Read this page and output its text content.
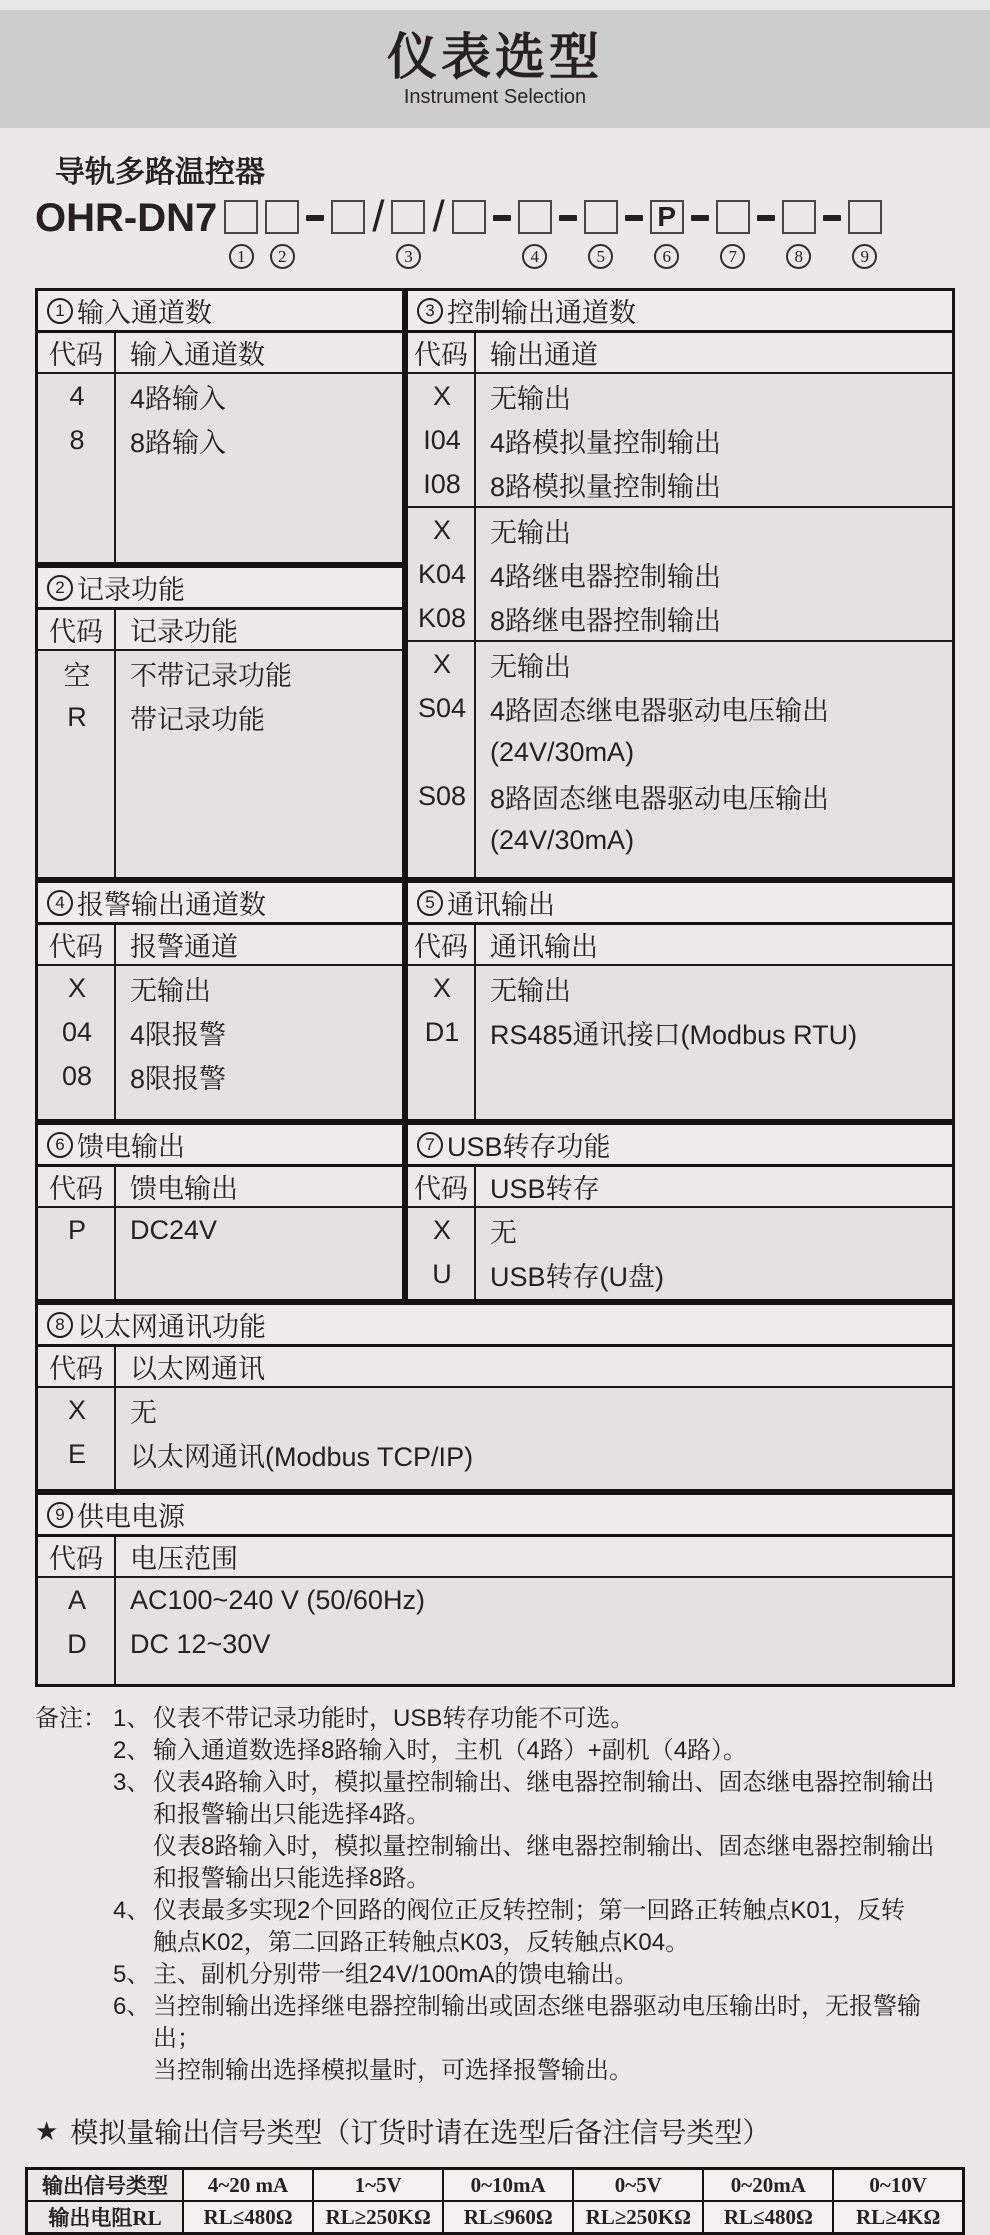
仪表选型
Instrument Selection
导轨多路温控器
OHR-DN7
1	2
/
3
/
4	5
P
6	7	8	9
1 输入通道数
代码	输入通道数
4	4路输入
8	8路输入
2 记录功能
代码	记录功能
空	不带记录功能
R	带记录功能
3 控制输出通道数
代码 输出通道
X	无输出
I04	4路模拟量控制输出
I08	8路模拟量控制输出
X	无输出
K04 4路继电器控制输出
K08 8路继电器控制输出
X	无输出
S04 4路固态继电器驱动电压输出
(24V/30mA)
S08 8路固态继电器驱动电压输出
(24V/30mA)
4 报警输出通道数
代码	报警通道
X	无输出
04	4限报警
08	8限报警
5 通讯输出
代码 通讯输出
X	无输出
D1	RS485通讯接口(Modbus RTU)
6 馈电输出
代码	馈电输出
P	DC24V
7 USB转存功能
代码 USB转存
X	无
U	USB转存(U盘)
8 以太网通讯功能
代码	以太网通讯
X	无
E	以太网通讯(Modbus TCP/IP)
9 供电电源
代码	电压范围
A	AC100~240 V (50/60Hz)
D	DC 12~30V
备注： 1、 仪表不带记录功能时，USB转存功能不可选。
2、 输入通道数选择8路输入时，主机（4路）+副机（4路）。
3、 仪表4路输入时，模拟量控制输出、继电器控制输出、固态继电器控制输出
和报警输出只能选择4路。
仪表8路输入时，模拟量控制输出、继电器控制输出、固态继电器控制输出
和报警输出只能选择8路。
4、 仪表最多实现2个回路的阀位正反转控制；第一回路正转触点K01，反转
触点K02，第二回路正转触点K03，反转触点K04。
5、 主、副机分别带一组24V/100mA的馈电输出。
6、 当控制输出选择继电器控制输出或固态继电器驱动电压输出时，无报警输出；
当控制输出选择模拟量时，可选择报警输出。
★ 模拟量输出信号类型（订货时请在选型后备注信号类型）
输出信号类型	4~20 mA	1~5V	0~10mA	0~5V	0~20mA	0~10V
输出电阻RL	RL≤480Ω	RL≥250KΩ	RL≤960Ω	RL≥250KΩ	RL≤480Ω	RL≥4KΩ
